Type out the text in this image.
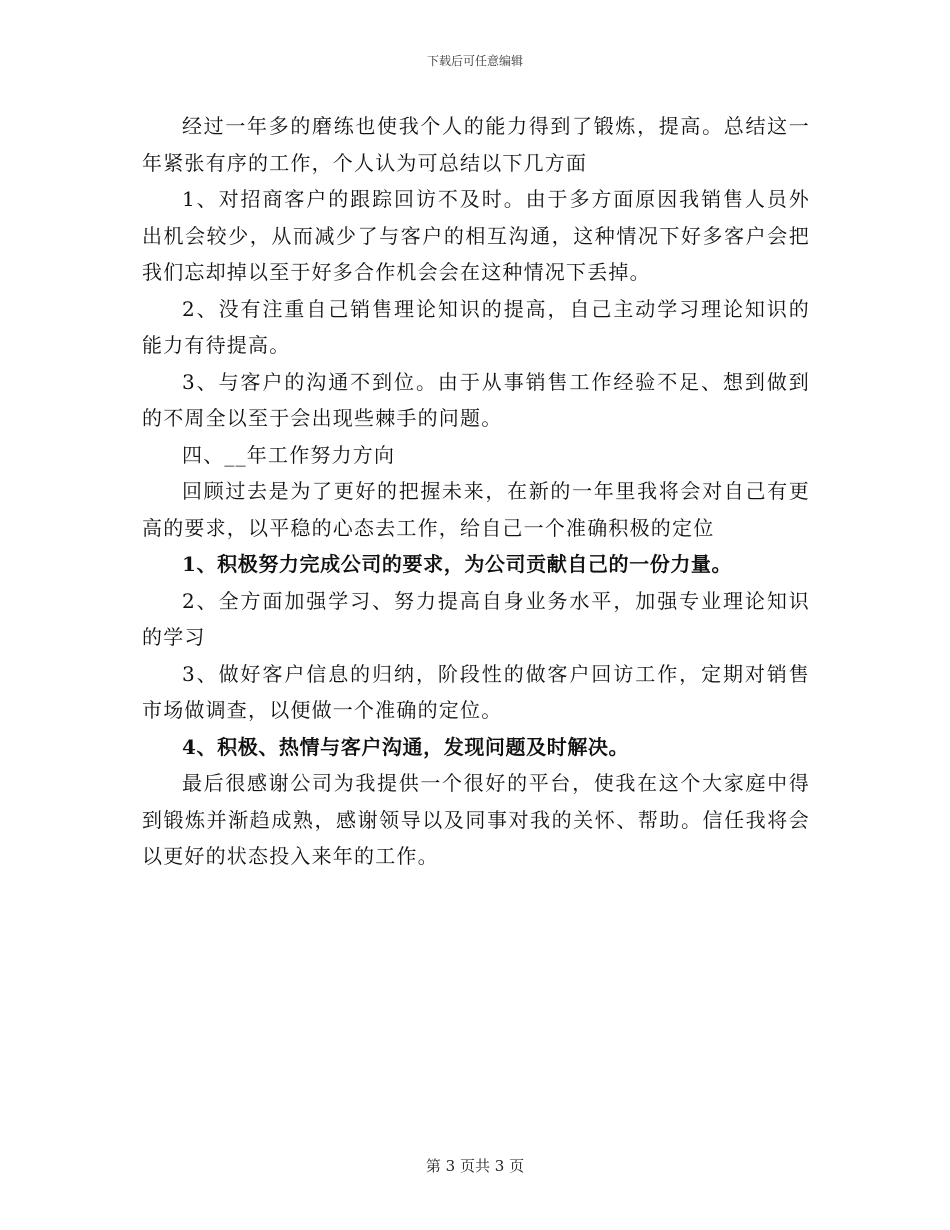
下载后可任意编辑

经过一年多的磨练也使我个人的能力得到了锻炼，提高。总结这一年紧张有序的工作，个人认为可总结以下几方面

1、对招商客户的跟踪回访不及时。由于多方面原因我销售人员外出机会较少，从而减少了与客户的相互沟通，这种情况下好多客户会把我们忘却掉以至于好多合作机会会在这种情况下丢掉。

2、没有注重自己销售理论知识的提高，自己主动学习理论知识的能力有待提高。

3、与客户的沟通不到位。由于从事销售工作经验不足、想到做到的不周全以至于会出现些棘手的问题。

四、__年工作努力方向

回顾过去是为了更好的把握未来，在新的一年里我将会对自己有更高的要求，以平稳的心态去工作，给自己一个准确积极的定位

1、积极努力完成公司的要求，为公司贡献自己的一份力量。

2、全方面加强学习、努力提高自身业务水平，加强专业理论知识的学习

3、做好客户信息的归纳，阶段性的做客户回访工作，定期对销售市场做调查，以便做一个准确的定位。

4、积极、热情与客户沟通，发现问题及时解决。

最后很感谢公司为我提供一个很好的平台，使我在这个大家庭中得到锻炼并渐趋成熟，感谢领导以及同事对我的关怀、帮助。信任我将会以更好的状态投入来年的工作。

第 3 页共 3 页
